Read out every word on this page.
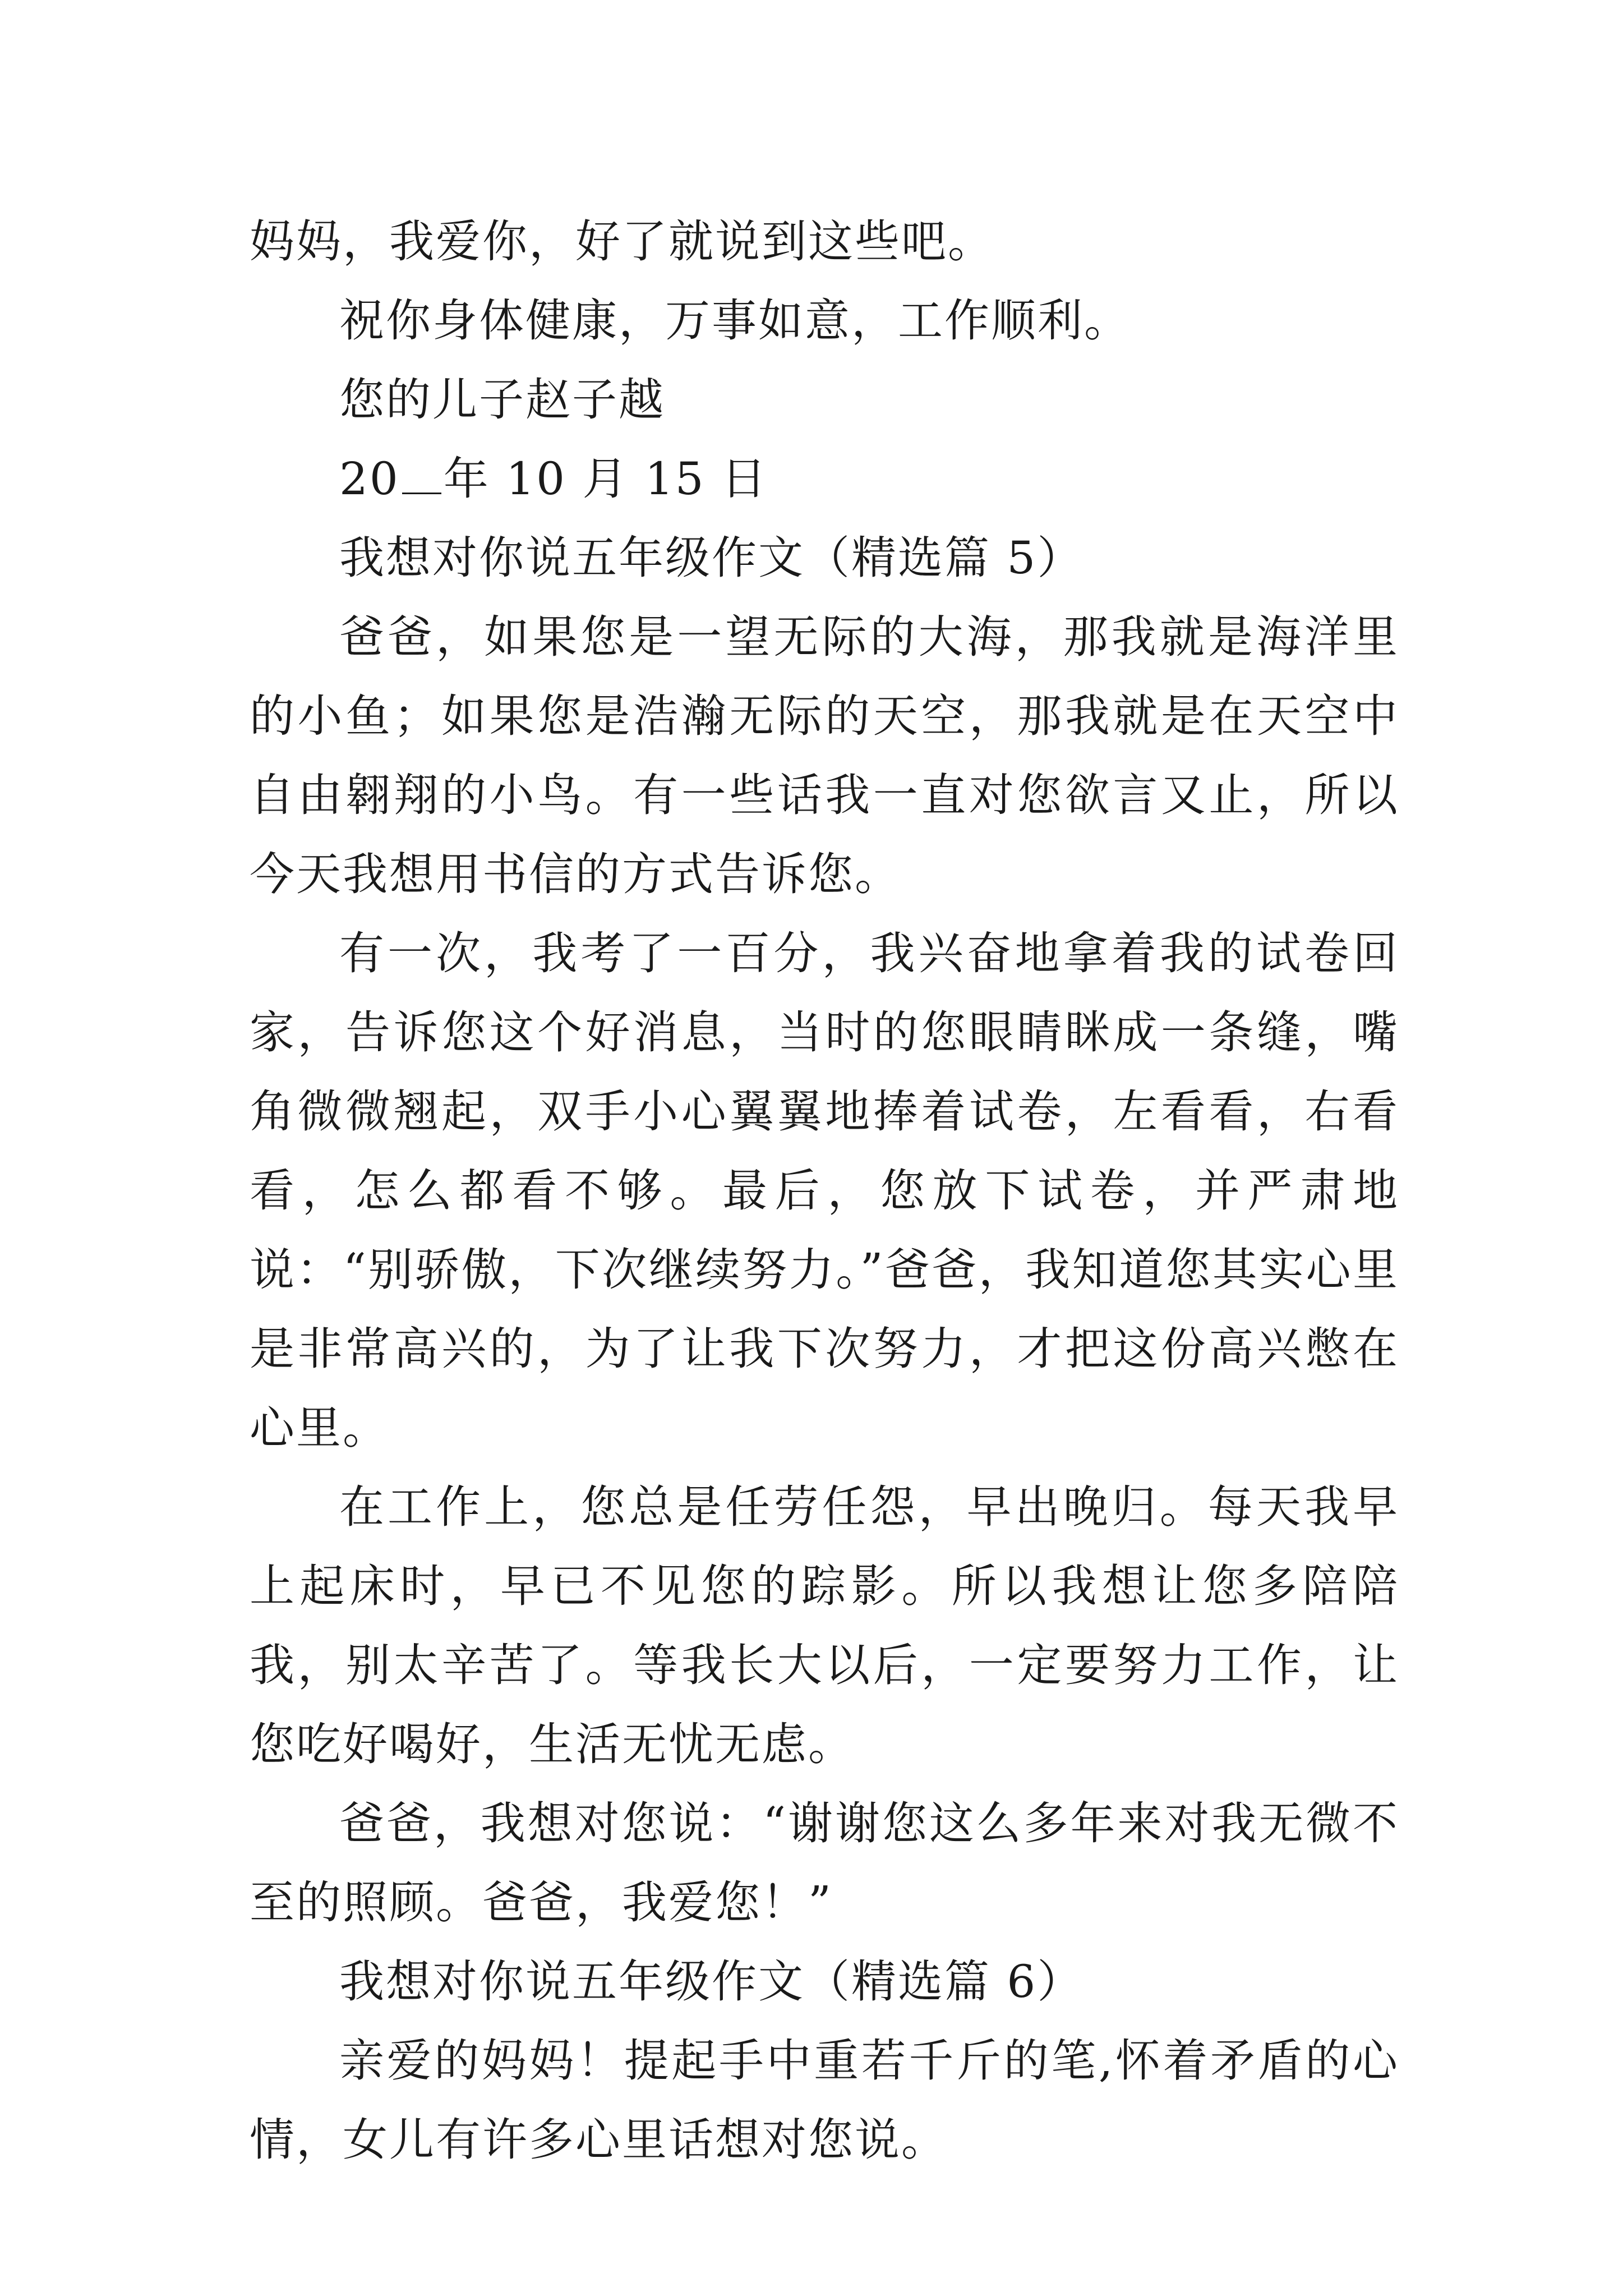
妈妈，我爱你，好了就说到这些吧。

祝你身体健康，万事如意，工作顺利。

您的儿子赵子越

20 年 10 月 15 日

我想对你说五年级作文（精选篇 5）

爸爸，如果您是一望无际的大海，那我就是海洋里的小鱼；如果您是浩瀚无际的天空，那我就是在天空中自由翱翔的小鸟。有一些话我一直对您欲言又止，所以今天我想用书信的方式告诉您。

有一次，我考了一百分，我兴奋地拿着我的试卷回家，告诉您这个好消息，当时的您眼睛眯成一条缝，嘴角微微翘起，双手小心翼翼地捧着试卷，左看看，右看看，怎么都看不够。最后，您放下试卷，并严肃地说：“别骄傲，下次继续努力。”爸爸，我知道您其实心里是非常高兴的，为了让我下次努力，才把这份高兴憋在心里。

在工作上，您总是任劳任怨，早出晚归。每天我早上起床时，早已不见您的踪影。所以我想让您多陪陪我，别太辛苦了。等我长大以后，一定要努力工作，让您吃好喝好，生活无忧无虑。

爸爸，我想对您说：“谢谢您这么多年来对我无微不至的照顾。爸爸，我爱您！”

我想对你说五年级作文（精选篇 6）

亲爱的妈妈！提起手中重若千斤的笔,怀着矛盾的心情，女儿有许多心里话想对您说。
